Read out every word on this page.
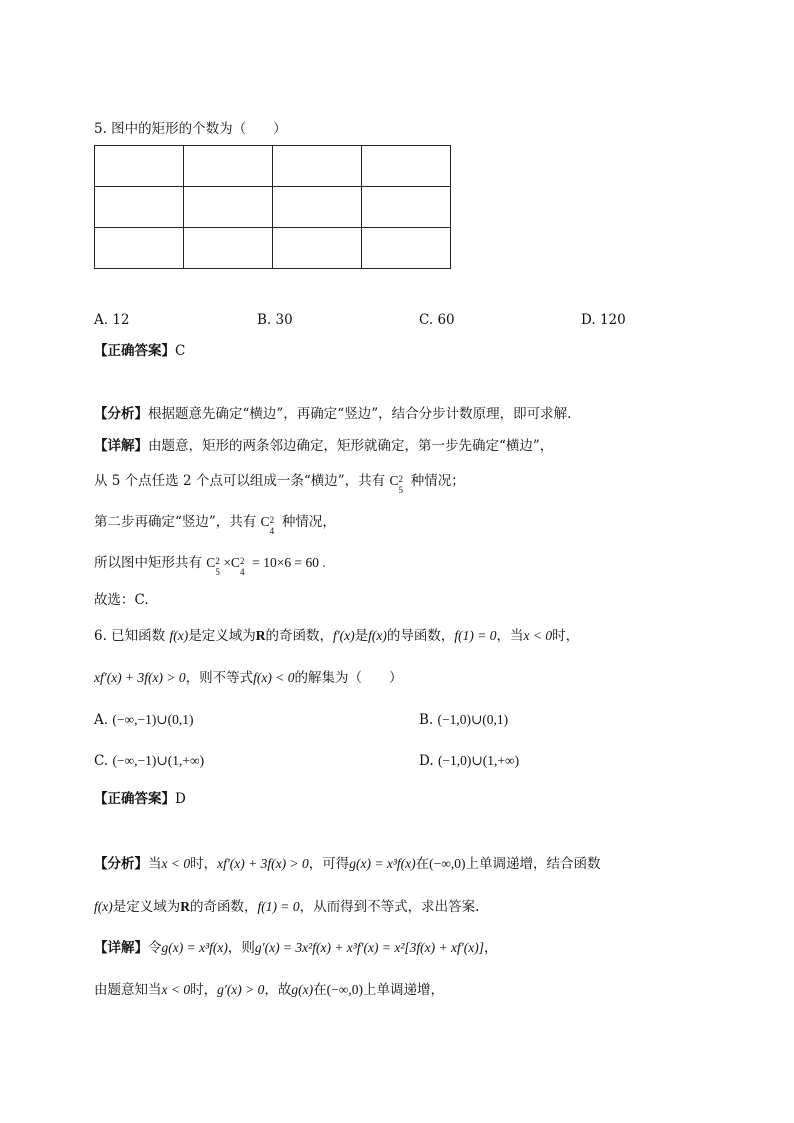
5. 图中的矩形的个数为（　　）

A. 12	B. 30	C. 60	D. 120
【正确答案】C
【分析】根据题意先确定“横边”，再确定“竖边”，结合分步计数原理，即可求解.
【详解】由题意，矩形的两条邻边确定，矩形就确定，第一步先确定“横边”，
从 5 个点任选 2 个点可以组成一条“横边”，共有 C 2
5
种情况；
第二步再确定“竖边”，共有 C 2
4
种情况，
所以图中矩形共有 C 2
5
×C 2
4
= 10×6 = 60 .
故选：C.
6. 已知函数 f(x)是定义域为R的奇函数，f′(x)是f(x)的导函数，f(1) = 0，当x < 0时，
xf′(x) + 3f(x) > 0，则不等式f(x) < 0的解集为（　　）
A. (−∞,−1)∪(0,1)	B. (−1,0)∪(0,1)
C. (−∞,−1)∪(1,+∞)	D. (−1,0)∪(1,+∞)
【正确答案】D
【分析】当x < 0时，xf′(x) + 3f(x) > 0，可得g(x) = x³f(x)在(−∞,0)上单调递增，结合函数
f(x)是定义域为R的奇函数，f(1) = 0，从而得到不等式，求出答案.
【详解】令g(x) = x³f(x)，则g′(x) = 3x²f(x) + x³f′(x) = x²[3f(x) + xf′(x)]，
由题意知当x < 0时，g′(x) > 0，故g(x)在(−∞,0)上单调递增，
